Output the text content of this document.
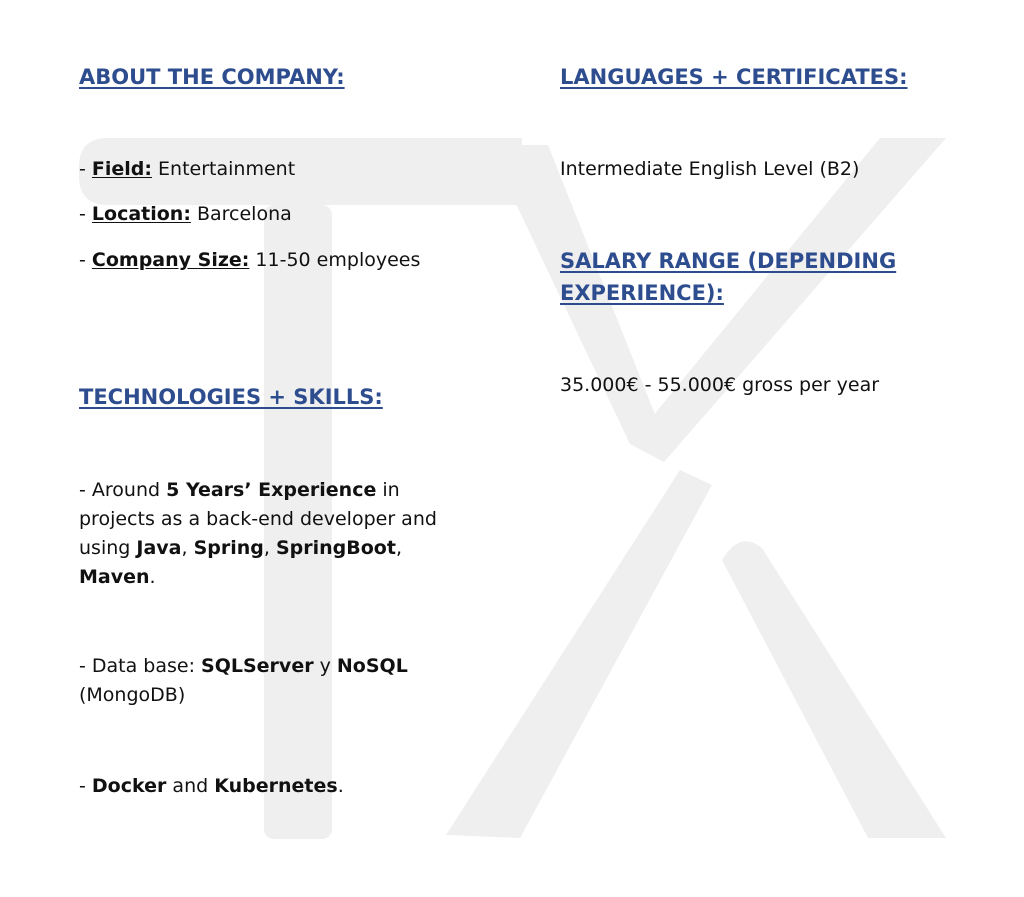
ABOUT THE COMPANY:

- Field: Entertainment

- Location: Barcelona

- Company Size: 11-50 employees

TECHNOLOGIES + SKILLS:

- Around 5 Years’ Experience in projects as a back-end developer and using Java, Spring, SpringBoot, Maven.

- Data base: SQLServer y NoSQL (MongoDB)

- Docker and Kubernetes.

LANGUAGES + CERTIFICATES:

Intermediate English Level (B2)

SALARY RANGE (DEPENDING EXPERIENCE):

35.000€ - 55.000€ gross per year
